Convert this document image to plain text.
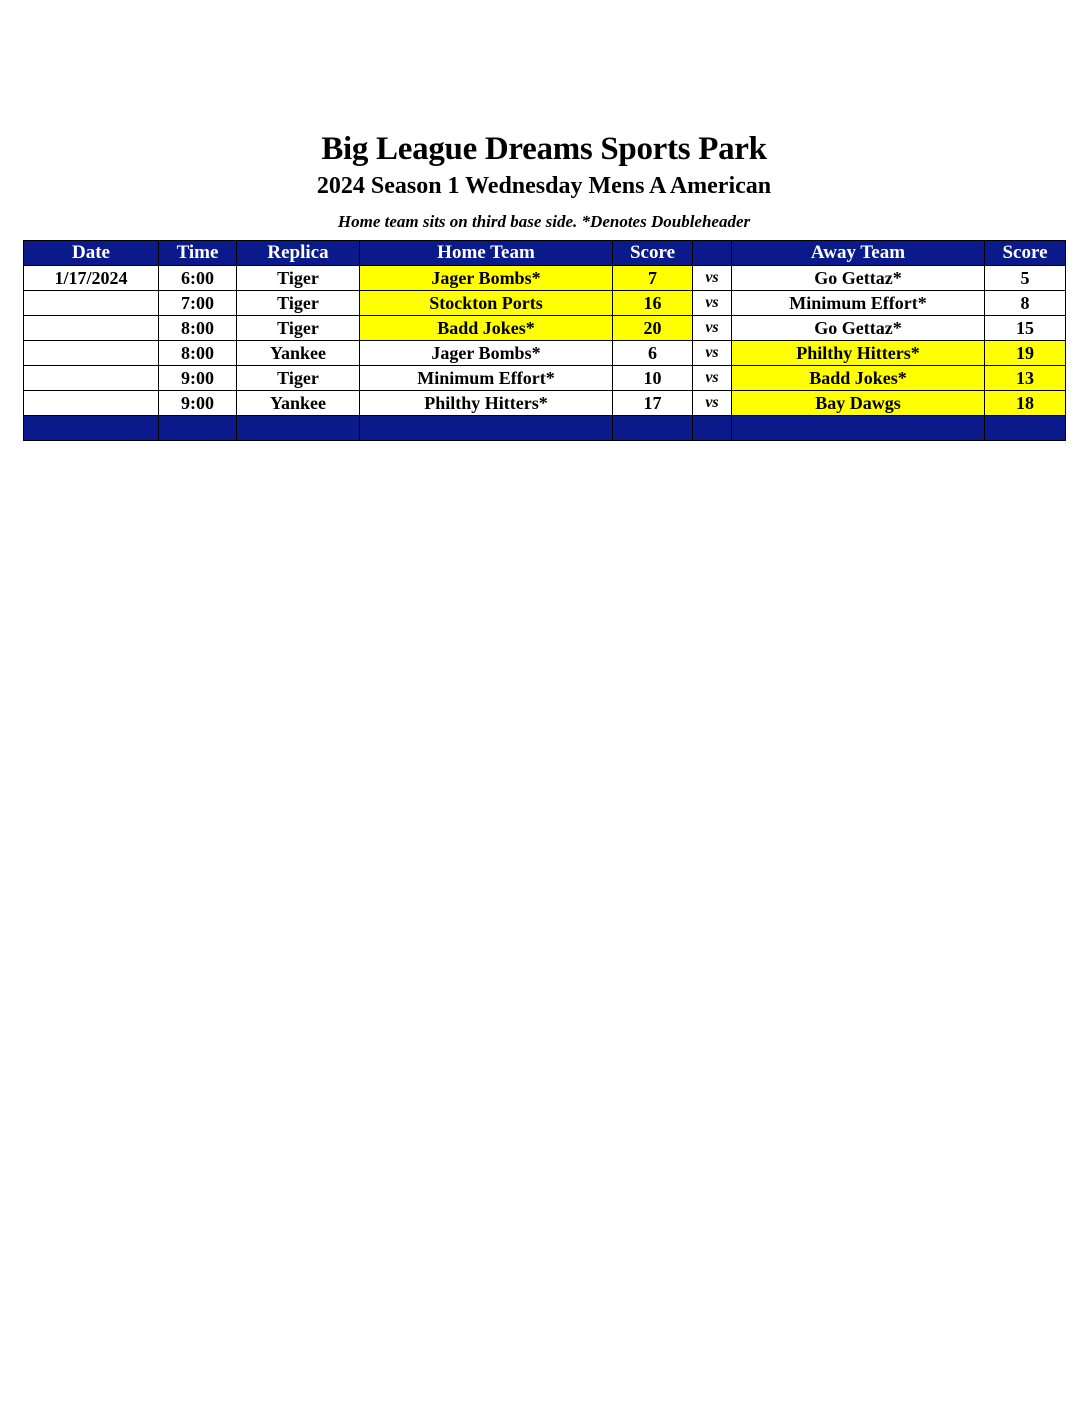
Big League Dreams Sports Park
2024 Season 1 Wednesday Mens A American
Home team sits on third base side. *Denotes Doubleheader
Date	Time	Replica	Home Team	Score		Away Team	Score
1/17/2024	6:00	Tiger	Jager Bombs*	7	vs	Go Gettaz*	5
	7:00	Tiger	Stockton Ports	16	vs	Minimum Effort*	8
	8:00	Tiger	Badd Jokes*	20	vs	Go Gettaz*	15
	8:00	Yankee	Jager Bombs*	6	vs	Philthy Hitters*	19
	9:00	Tiger	Minimum Effort*	10	vs	Badd Jokes*	13
	9:00	Yankee	Philthy Hitters*	17	vs	Bay Dawgs	18
